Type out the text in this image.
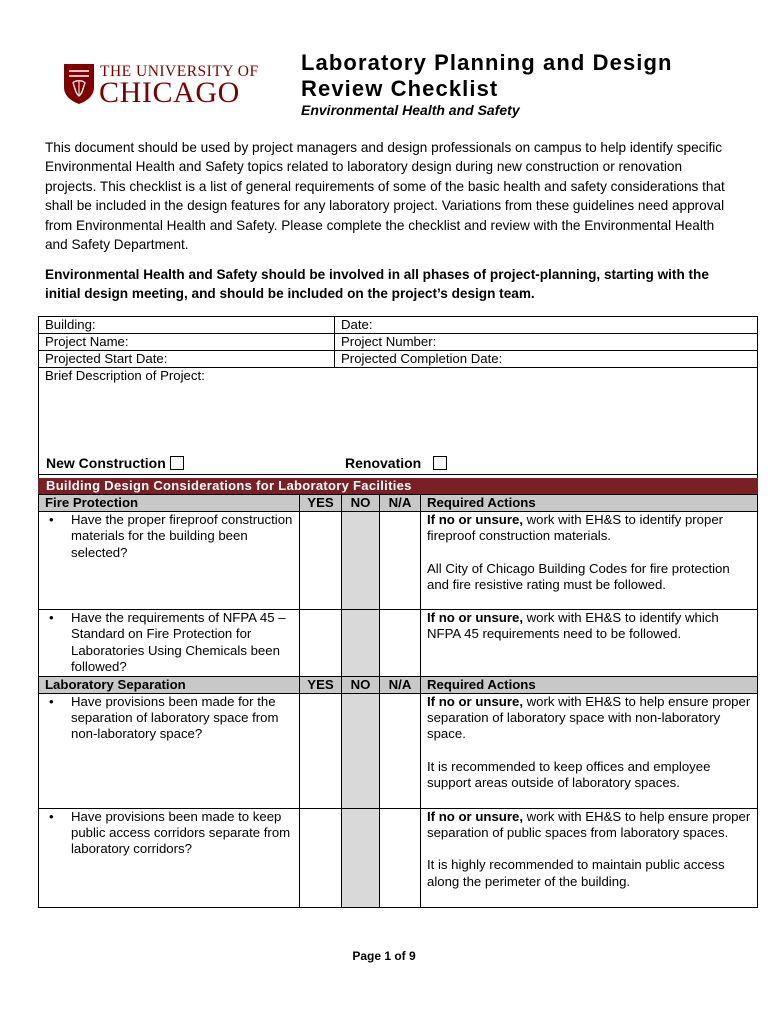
THE UNIVERSITY OF
CHICAGO
Laboratory Planning and Design
Review Checklist
Environmental Health and Safety
This document should be used by project managers and design professionals on campus to help identify specific Environmental Health and Safety topics related to laboratory design during new construction or renovation projects. This checklist is a list of general requirements of some of the basic health and safety considerations that shall be included in the design features for any laboratory project. Variations from these guidelines need approval from Environmental Health and Safety. Please complete the checklist and review with the Environmental Health and Safety Department.
Environmental Health and Safety should be involved in all phases of project-planning, starting with the initial design meeting, and should be included on the project’s design team.
Building:	Date:
Project Name:	Project Number:
Projected Start Date:	Projected Completion Date:
Brief Description of Project:	
New Construction	Renovation
Building Design Considerations for Laboratory Facilities
Fire Protection	YES	NO	N/A	Required Actions

• Have the proper fireproof construction materials for the building been selected?				If no or unsure, work with EH&S to identify proper fireproof construction materials.
All City of Chicago Building Codes for fire protection and fire resistive rating must be followed.

• Have the requirements of NFPA 45 – Standard on Fire Protection for Laboratories Using Chemicals been followed?				If no or unsure, work with EH&S to identify which NFPA 45 requirements need to be followed.
Laboratory Separation	YES	NO	N/A	Required Actions

• Have provisions been made for the separation of laboratory space from non-laboratory space?				If no or unsure, work with EH&S to help ensure proper separation of laboratory space with non-laboratory space.
It is recommended to keep offices and employee support areas outside of laboratory spaces.

• Have provisions been made to keep public access corridors separate from laboratory corridors?				If no or unsure, work with EH&S to help ensure proper separation of public spaces from laboratory spaces.
It is highly recommended to maintain public access along the perimeter of the building.
Page 1 of 9
